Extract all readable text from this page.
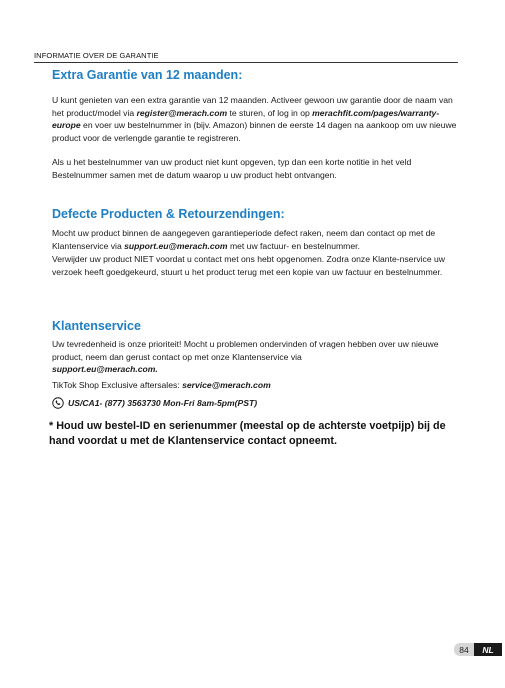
INFORMATIE OVER DE GARANTIE
Extra Garantie van 12 maanden:
U kunt genieten van een extra garantie van 12 maanden. Activeer gewoon uw garantie door de naam van het product/model via register@merach.com te sturen, of log in op merachfit.com/pages/warranty-europe en voer uw bestelnummer in (bijv. Amazon) binnen de eerste 14 dagen na aankoop om uw nieuwe product voor de verlengde garantie te registreren.
Als u het bestelnummer van uw product niet kunt opgeven, typ dan een korte notitie in het veld Bestelnummer samen met de datum waarop u uw product hebt ontvangen.
Defecte Producten & Retourzendingen:
Mocht uw product binnen de aangegeven garantieperiode defect raken, neem dan contact op met de Klantenservice via support.eu@merach.com met uw factuur- en bestelnummer.
Verwijder uw product NIET voordat u contact met ons hebt opgenomen. Zodra onze Klante-nservice uw verzoek heeft goedgekeurd, stuurt u het product terug met een kopie van uw factuur en bestelnummer.
Klantenservice
Uw tevredenheid is onze prioriteit! Mocht u problemen ondervinden of vragen hebben over uw nieuwe product, neem dan gerust contact op met onze Klantenservice via
support.eu@merach.com.
TikTok Shop Exclusive aftersales: service@merach.com
US/CA1- (877) 3563730 Mon-Fri 8am-5pm(PST)
* Houd uw bestel-ID en serienummer (meestal op de achterste voetpijp) bij de hand voordat u met de Klantenservice contact opneemt.
84	NL
